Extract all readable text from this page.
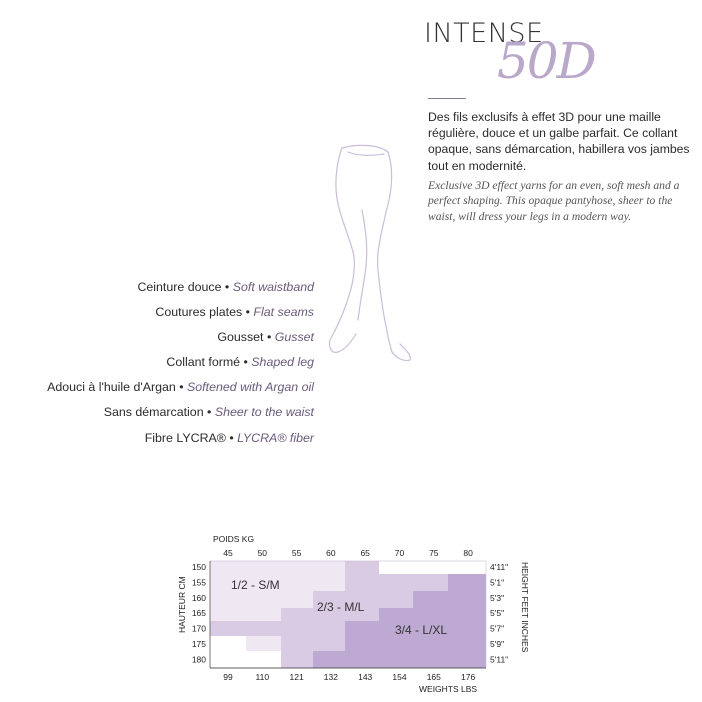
INTENSE
50D
Des fils exclusifs à effet 3D pour une maille régulière, douce et un galbe parfait. Ce collant opaque, sans démarcation, habillera vos jambes tout en modernité.
Exclusive 3D effect yarns for an even, soft mesh and a perfect shaping. This opaque pantyhose, sheer to the waist, will dress your legs in a modern way.
Ceinture douce • Soft waistband
Coutures plates • Flat seams
Gousset • Gusset
Collant formé • Shaped leg
Adouci à l'huile d'Argan • Softened with Argan oil
Sans démarcation • Sheer to the waist
Fibre LYCRA® • LYCRA® fiber
1/2 - S/M
2/3 - M/L
3/4 - L/XL
POIDS KG
WEIGHTS LBS
HAUTEUR CM	HEIGHT FEET INCHES
45	50	55	60	65	70	75	80
99	110 121 132 143 154 165 176
150
155
160
165
170
175
180
4'11"
5'1"
5'3"
5'5"
5'7"
5'9"
5'11"
